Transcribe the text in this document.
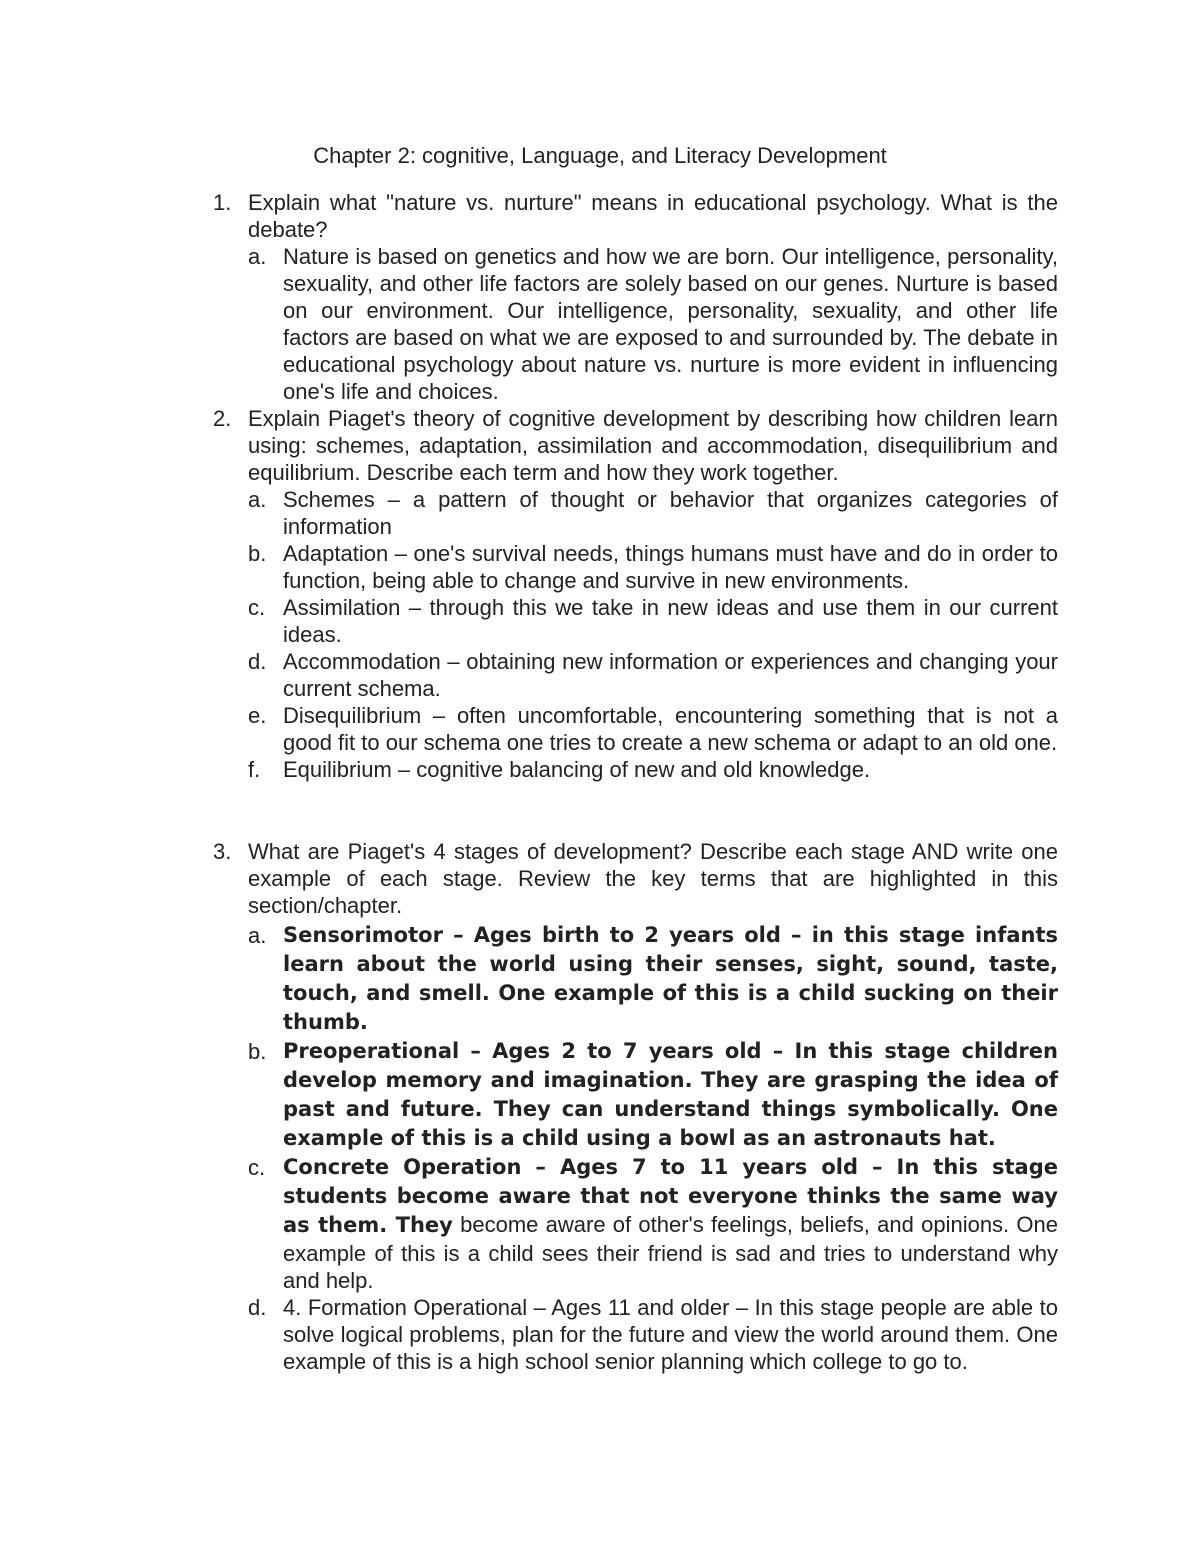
Chapter 2: cognitive, Language, and Literacy Development
1. Explain what "nature vs. nurture" means in educational psychology. What is the debate?
a. Nature is based on genetics and how we are born. Our intelligence, personality, sexuality, and other life factors are solely based on our genes. Nurture is based on our environment. Our intelligence, personality, sexuality, and other life factors are based on what we are exposed to and surrounded by. The debate in educational psychology about nature vs. nurture is more evident in influencing one's life and choices.
2. Explain Piaget's theory of cognitive development by describing how children learn using: schemes, adaptation, assimilation and accommodation, disequilibrium and equilibrium. Describe each term and how they work together.
a. Schemes – a pattern of thought or behavior that organizes categories of information
b. Adaptation – one's survival needs, things humans must have and do in order to function, being able to change and survive in new environments.
c. Assimilation – through this we take in new ideas and use them in our current ideas.
d. Accommodation – obtaining new information or experiences and changing your current schema.
e. Disequilibrium – often uncomfortable, encountering something that is not a good fit to our schema one tries to create a new schema or adapt to an old one.
f. Equilibrium – cognitive balancing of new and old knowledge.
3. What are Piaget's 4 stages of development? Describe each stage AND write one example of each stage. Review the key terms that are highlighted in this section/chapter.
a. Sensorimotor – Ages birth to 2 years old – in this stage infants learn about the world using their senses, sight, sound, taste, touch, and smell. One example of this is a child sucking on their thumb.
b. Preoperational – Ages 2 to 7 years old – In this stage children develop memory and imagination. They are grasping the idea of past and future. They can understand things symbolically. One example of this is a child using a bowl as an astronauts hat.
c. Concrete Operation – Ages 7 to 11 years old – In this stage students become aware that not everyone thinks the same way as them. They become aware of other's feelings, beliefs, and opinions. One example of this is a child sees their friend is sad and tries to understand why and help.
d. 4. Formation Operational – Ages 11 and older – In this stage people are able to solve logical problems, plan for the future and view the world around them. One example of this is a high school senior planning which college to go to.
